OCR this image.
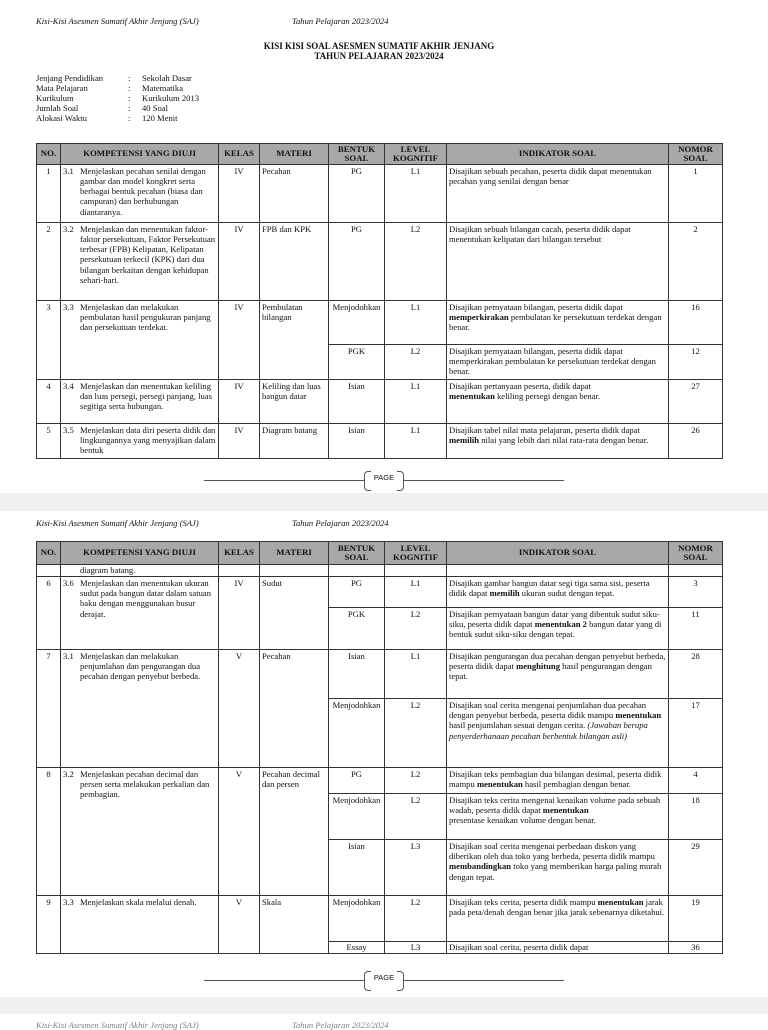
Kisi-Kisi Asesmen Sumatif Akhir Jenjang (SAJ)	Tahun Pelajaran 2023/2024
KISI KISI SOAL ASESMEN SUMATIF AKHIR JENJANG
TAHUN PELAJARAN 2023/2024
Jenjang Pendidikan	:	Sekolah Dasar
Mata Pelajaran	:	Matematika
Kurikulum	:	Kurikulum 2013
Jumlah Soal	:	40 Soal
Alokasi Waktu	:	120 Menit
NO.	KOMPETENSI YANG DIUJI	KELAS	MATERI	BENTUK SOAL	LEVEL KOGNITIF	INDIKATOR SOAL	NOMOR SOAL
1	3.1 Menjelaskan pecahan senilai dengan gambar dan model kongkret serta berbagai bentuk pecahan (biasa dan campuran) dan berhubungan diantaranya.	IV	Pecahan	PG	L1	Disajikan sebuah pecahan, peserta didik dapat menentukan pecahan yang senilai dengan benar	1
2	3.2 Menjelaskan dan menentukan faktor-faktor persekutuan, Faktor Persekutuan terbesar (FPB) Kelipatan, Kelipatan persekutuan terkecil (KPK) dari dua bilangan berkaitan dengan kehidupan sehari-hari.	IV	FPB dan KPK	PG	L2	Disajikan sebuah bilangan cacah, peserta didik dapat menentukan kelipatan dari bilangan tersebut	2
3	3.3 Menjelaskan dan melakukan pembulatan hasil pengukuran panjang dan persekutuan terdekat.	IV	Pembulatan bilangan	Menjodohkan	L1	Disajikan pernyataan bilangan, peserta didik dapat
memperkirakan pembulatan ke persekutuan terdekat dengan benar.	16
				PGK	L2	Disajikan pernyataan bilangan, peserta didik dapat memperkirakan pembulatan ke persekutuan terdekat dengan benar.	12
4	3.4 Menjelaskan dan menentukan keliling dan luas persegi, persegi panjang, luas segitiga serta hubungan.	IV	Keliling dan luas bangun datar	Isian	L1	Disajikan pertanyaan peserta, didik dapat
menentukan keliling persegi dengan benar.	27
5	3.5 Menjelaskan data diri peserta didik dan lingkungannya yang menyajikan dalam bentuk	IV	Diagram batang	Isian	L1	Disajikan tabel nilai mata pelajaran, peserta didik dapat
memilih nilai yang lebih dari nilai rata-rata dengan benar.	26
PAGE
Kisi-Kisi Asesmen Sumatif Akhir Jenjang (SAJ)	Tahun Pelajaran 2023/2024
NO.	KOMPETENSI YANG DIUJI	KELAS	MATERI	BENTUK SOAL	LEVEL KOGNITIF	INDIKATOR SOAL	NOMOR SOAL
	diagram batang.						
6	3.6 Menjelaskan dan menentukan ukuran sudut pada bangun datar dalam satuan baku dengan menggunakan busur derajat.	IV	Sudut	PG	L1	Disajikan gambar bangun datar segi tiga sama sisi, peserta didik dapat memilih ukuran sudut dengan tepat.	3
				PGK	L2	Disajikan pernyataan bangun datar yang dibentuk sudut siku-siku, peserta didik dapat menentukan 2 bangun datar yang di bentuk sudut siku-siku dengan tepat.	11
7	3.1 Menjelaskan dan melakukan penjumlahan dan pengurangan dua pecahan dengan penyebut berbeda.	V	Pecahan	Isian	L1	Disajikan pengurangan dua pecahan dengan penyebut berbeda, peserta didik dapat menghitung hasil pengurangan dengan tepat.	28
				Menjodohkan	L2	Disajikan soal cerita mengenai penjumlahan dua pecahan dengan penyebut berbeda, peserta didik mampu menentukan hasil penjumlahan sesuai dengan cerita. (Jawaban berupa penyerderhanaan pecahan berbentuk bilangan asli)	17
8	3.2 Menjelaskan pecahan decimal dan persen serta melakukan perkalian dan pembagian.	V	Pecahan decimal dan persen	PG	L2	Disajikan teks pembagian dua bilangan desimal, peserta didik mampu menentukan hasil pembagian dengan benar.	4
				Menjodohkan	L2	Disajikan teks cerita mengenai kenaikan volume pada sebuah wadah, peserta didik dapat menentukan
presentase kenaikan volume dengan benar.	18
				Isian	L3	Disajikan soal cerita mengenai perbedaan diskon yang diberikan oleh dua toko yang berbeda, peserta didik mampu membandingkan toko yang memberikan harga paling murah dengan tepat.	29
9	3.3 Menjelaskan skala melalui denah.	V	Skala	Menjodohkan	L2	Disajikan teks cerita, peserta didik mampu menentukan jarak pada peta/denah dengan benar jika jarak sebenarnya diketahui.	19
				Essay	L3	Disajikan soal cerita, peserta didik dapat	36
PAGE
Kisi-Kisi Asesmen Sumatif Akhir Jenjang (SAJ)	Tahun Pelajaran 2023/2024
